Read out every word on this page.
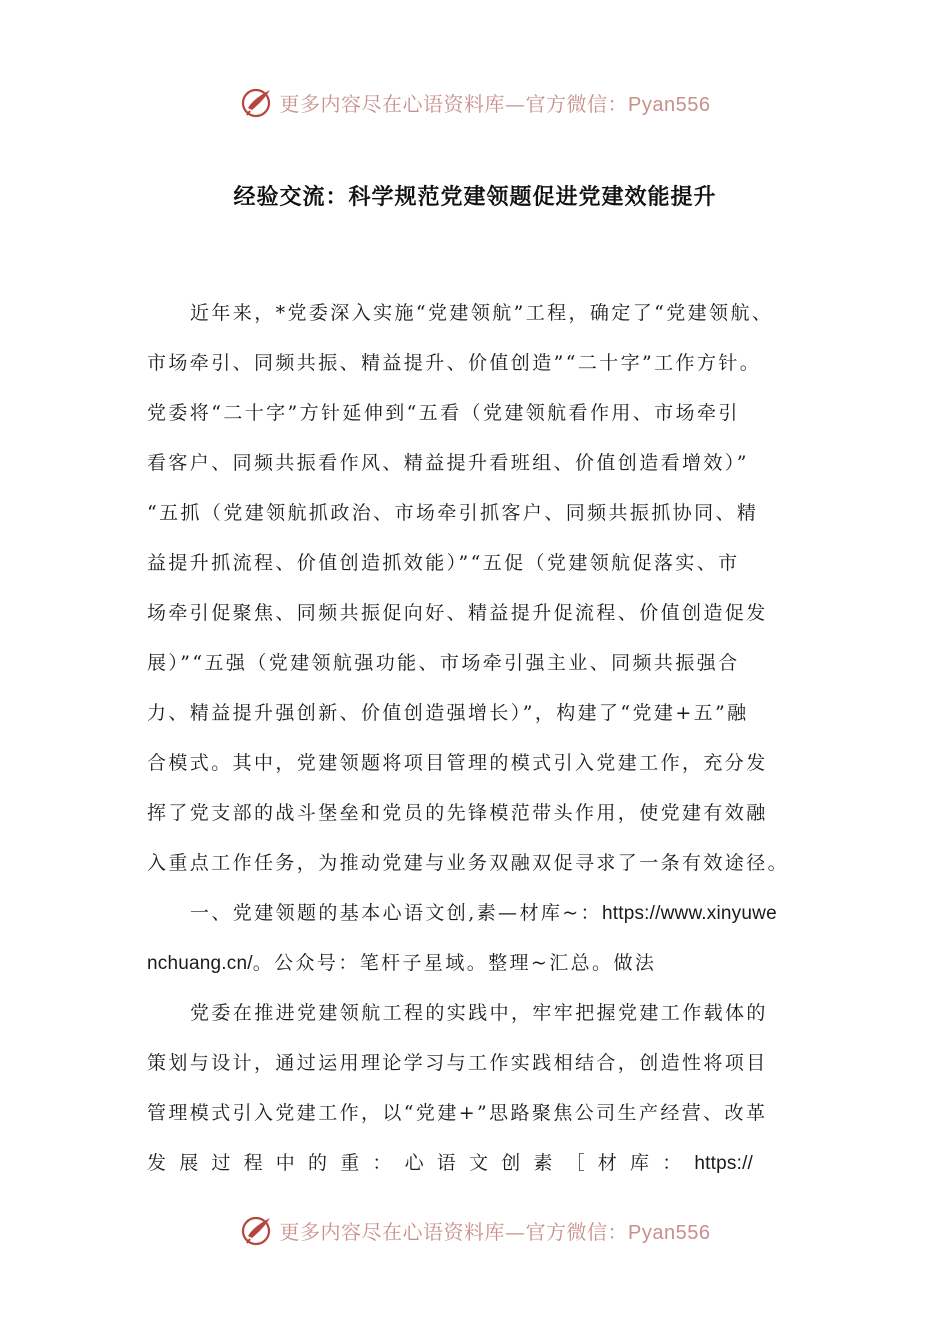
更多内容尽在心语资料库—官方微信：Pyan556
经验交流：科学规范党建领题促进党建效能提升
近年来，*党委深入实施“党建领航”工程，确定了“党建领航、
市场牵引、同频共振、精益提升、价值创造”“二十字”工作方针。
党委将“二十字”方针延伸到“五看（党建领航看作用、市场牵引
看客户、同频共振看作风、精益提升看班组、价值创造看增效）”
“五抓（党建领航抓政治、市场牵引抓客户、同频共振抓协同、精
益提升抓流程、价值创造抓效能）”“五促（党建领航促落实、市
场牵引促聚焦、同频共振促向好、精益提升促流程、价值创造促发
展）”“五强（党建领航强功能、市场牵引强主业、同频共振强合
力、精益提升强创新、价值创造强增长）”，构建了“党建+五”融
合模式。其中，党建领题将项目管理的模式引入党建工作，充分发
挥了党支部的战斗堡垒和党员的先锋模范带头作用，使党建有效融
入重点工作任务，为推动党建与业务双融双促寻求了一条有效途径。
一、党建领题的基本心语文创,素—材库~：https://www.xinyuwe
nchuang.cn/。公众号：笔杆子星域。整理~汇总。做法
党委在推进党建领航工程的实践中，牢牢把握党建工作载体的
策划与设计，通过运用理论学习与工作实践相结合，创造性将项目
管理模式引入党建工作，以“党建+”思路聚焦公司生产经营、改革
发展过程中的重：心语文创素［材库：https://
更多内容尽在心语资料库—官方微信：Pyan556
